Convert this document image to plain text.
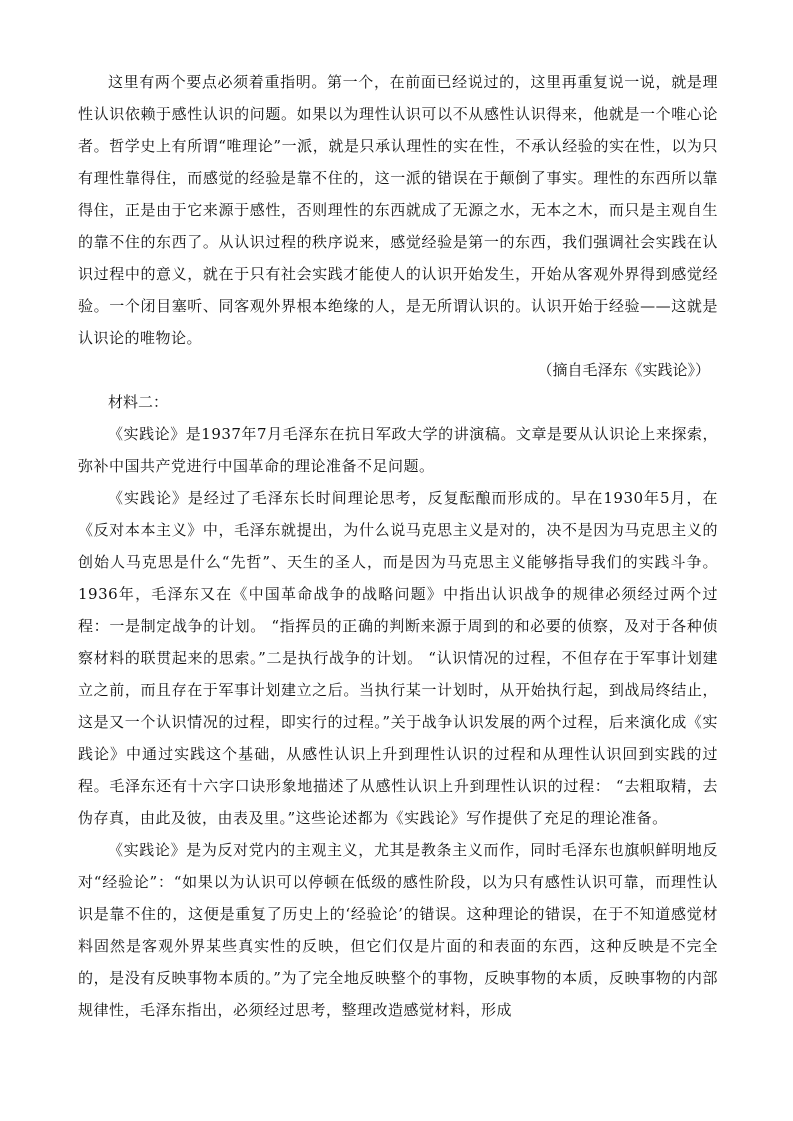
这里有两个要点必须着重指明。第一个，在前面已经说过的，这里再重复说一说，就是理性认识依赖于感性认识的问题。如果以为理性认识可以不从感性认识得来，他就是一个唯心论者。哲学史上有所谓“唯理论”一派，就是只承认理性的实在性，不承认经验的实在性，以为只有理性靠得住，而感觉的经验是靠不住的，这一派的错误在于颠倒了事实。理性的东西所以靠得住，正是由于它来源于感性，否则理性的东西就成了无源之水，无本之木，而只是主观自生的靠不住的东西了。从认识过程的秩序说来，感觉经验是第一的东西，我们强调社会实践在认识过程中的意义，就在于只有社会实践才能使人的认识开始发生，开始从客观外界得到感觉经验。一个闭目塞听、同客观外界根本绝缘的人，是无所谓认识的。认识开始于经验——这就是认识论的唯物论。

（摘自毛泽东《实践论》）

材料二：

《实践论》是1937年7月毛泽东在抗日军政大学的讲演稿。文章是要从认识论上来探索，弥补中国共产党进行中国革命的理论准备不足问题。

《实践论》是经过了毛泽东长时间理论思考，反复酝酿而形成的。早在1930年5月，在《反对本本主义》中，毛泽东就提出，为什么说马克思主义是对的，决不是因为马克思主义的创始人马克思是什么“先哲”、天生的圣人，而是因为马克思主义能够指导我们的实践斗争。1936年，毛泽东又在《中国革命战争的战略问题》中指出认识战争的规律必须经过两个过程：一是制定战争的计划。 “指挥员的正确的判断来源于周到的和必要的侦察，及对于各种侦察材料的联贯起来的思索。”二是执行战争的计划。 “认识情况的过程，不但存在于军事计划建立之前，而且存在于军事计划建立之后。当执行某一计划时，从开始执行起，到战局终结止，这是又一个认识情况的过程，即实行的过程。”关于战争认识发展的两个过程，后来演化成《实践论》中通过实践这个基础，从感性认识上升到理性认识的过程和从理性认识回到实践的过程。毛泽东还有十六字口诀形象地描述了从感性认识上升到理性认识的过程： “去粗取精，去伪存真，由此及彼，由表及里。”这些论述都为《实践论》写作提供了充足的理论准备。

《实践论》是为反对党内的主观主义，尤其是教条主义而作，同时毛泽东也旗帜鲜明地反对“经验论”：“如果以为认识可以停顿在低级的感性阶段，以为只有感性认识可靠，而理性认识是靠不住的，这便是重复了历史上的‘经验论’的错误。这种理论的错误，在于不知道感觉材料固然是客观外界某些真实性的反映，但它们仅是片面的和表面的东西，这种反映是不完全的，是没有反映事物本质的。”为了完全地反映整个的事物，反映事物的本质，反映事物的内部规律性，毛泽东指出，必须经过思考，整理改造感觉材料，形成
